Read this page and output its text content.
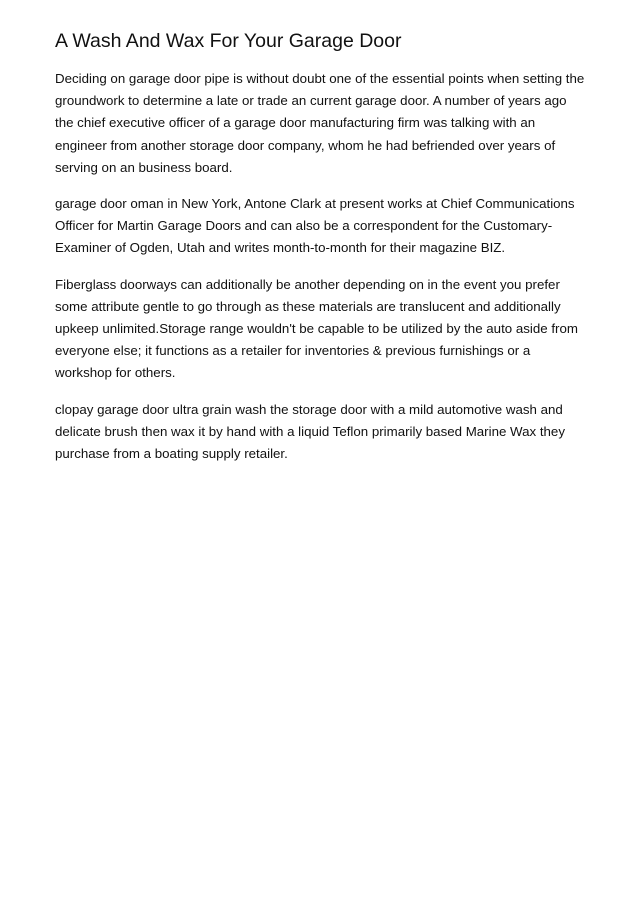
A Wash And Wax For Your Garage Door

Deciding on garage door pipe is without doubt one of the essential points when setting the groundwork to determine a late or trade an current garage door. A number of years ago the chief executive officer of a garage door manufacturing firm was talking with an engineer from another storage door company, whom he had befriended over years of serving on an business board.

garage door oman in New York, Antone Clark at present works at Chief Communications Officer for Martin Garage Doors and can also be a correspondent for the Customary-Examiner of Ogden, Utah and writes month-to-month for their magazine BIZ.

Fiberglass doorways can additionally be another depending on in the event you prefer some attribute gentle to go through as these materials are translucent and additionally upkeep unlimited.Storage range wouldn't be capable to be utilized by the auto aside from everyone else; it functions as a retailer for inventories & previous furnishings or a workshop for others.

clopay garage door ultra grain wash the storage door with a mild automotive wash and delicate brush then wax it by hand with a liquid Teflon primarily based Marine Wax they purchase from a boating supply retailer.
